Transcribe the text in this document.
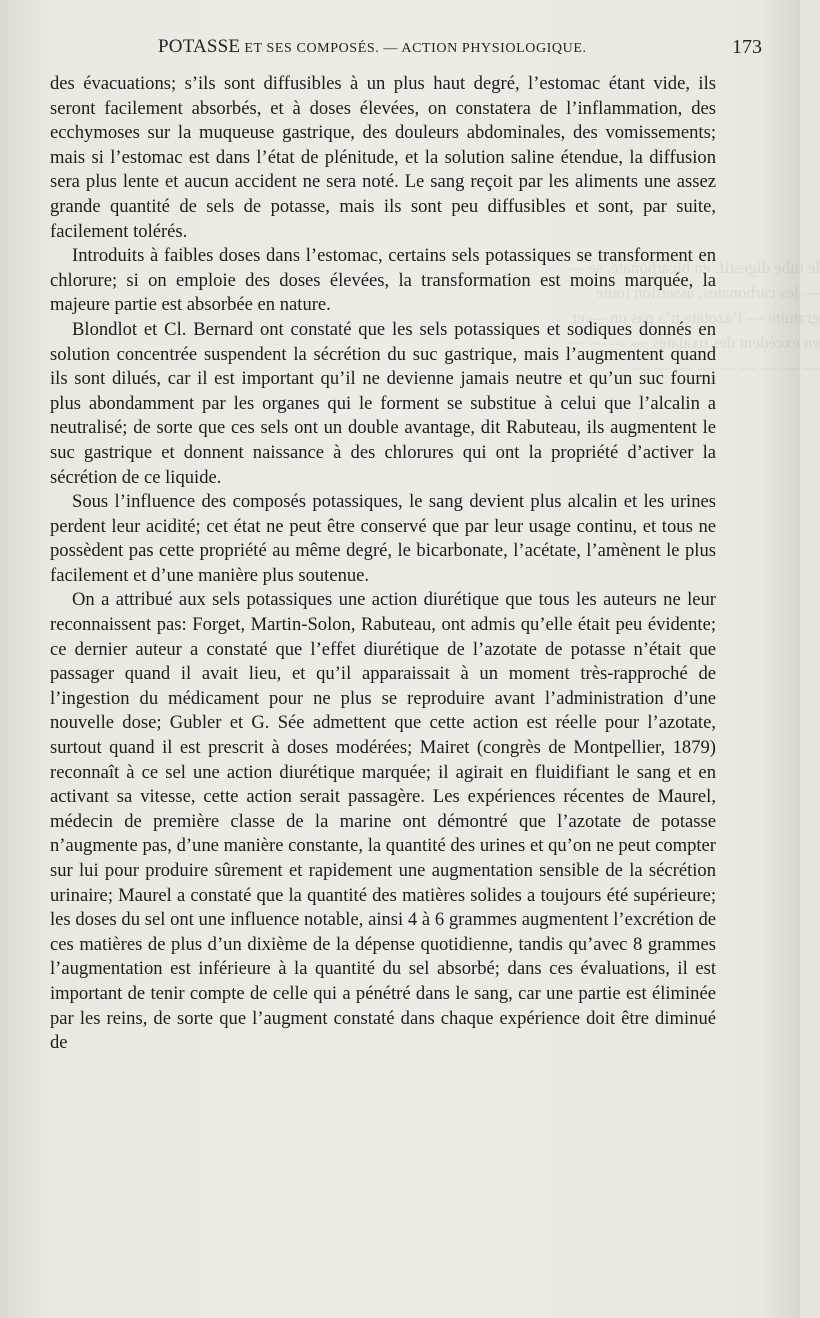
le tube digestif, en bicarbonate, se — — les carbonates, assertion toute gratuite — l’azotate n’a pas un — et en excédent des oxalates — — — — — — — — — — — — —
POTASSE ET SES COMPOSÉS. — ACTION PHYSIOLOGIQUE.	173

des évacuations; s’ils sont diffusibles à un plus haut degré, l’estomac étant vide, ils seront facilement absorbés, et à doses élevées, on constatera de l’inflammation, des ecchymoses sur la muqueuse gastrique, des douleurs abdominales, des vomissements; mais si l’estomac est dans l’état de plénitude, et la solution saline étendue, la diffusion sera plus lente et aucun accident ne sera noté. Le sang reçoit par les aliments une assez grande quantité de sels de potasse, mais ils sont peu diffusibles et sont, par suite, facilement tolérés.

Introduits à faibles doses dans l’estomac, certains sels potassiques se transforment en chlorure; si on emploie des doses élevées, la transformation est moins marquée, la majeure partie est absorbée en nature.

Blondlot et Cl. Bernard ont constaté que les sels potassiques et sodiques donnés en solution concentrée suspendent la sécrétion du suc gastrique, mais l’augmentent quand ils sont dilués, car il est important qu’il ne devienne jamais neutre et qu’un suc fourni plus abondamment par les organes qui le forment se substitue à celui que l’alcalin a neutralisé; de sorte que ces sels ont un double avantage, dit Rabuteau, ils augmentent le suc gastrique et donnent naissance à des chlorures qui ont la propriété d’activer la sécrétion de ce liquide.

Sous l’influence des composés potassiques, le sang devient plus alcalin et les urines perdent leur acidité; cet état ne peut être conservé que par leur usage continu, et tous ne possèdent pas cette propriété au même degré, le bicarbonate, l’acétate, l’amènent le plus facilement et d’une manière plus soutenue.

On a attribué aux sels potassiques une action diurétique que tous les auteurs ne leur reconnaissent pas: Forget, Martin-Solon, Rabuteau, ont admis qu’elle était peu évidente; ce dernier auteur a constaté que l’effet diurétique de l’azotate de potasse n’était que passager quand il avait lieu, et qu’il apparaissait à un moment très-rapproché de l’ingestion du médicament pour ne plus se reproduire avant l’administration d’une nouvelle dose; Gubler et G. Sée admettent que cette action est réelle pour l’azotate, surtout quand il est prescrit à doses modérées; Mairet (congrès de Montpellier, 1879) reconnaît à ce sel une action diurétique marquée; il agirait en fluidifiant le sang et en activant sa vitesse, cette action serait passagère. Les expériences récentes de Maurel, médecin de première classe de la marine ont démontré que l’azotate de potasse n’augmente pas, d’une manière constante, la quantité des urines et qu’on ne peut compter sur lui pour produire sûrement et rapidement une augmentation sensible de la sécrétion urinaire; Maurel a constaté que la quantité des matières solides a toujours été supérieure; les doses du sel ont une influence notable, ainsi 4 à 6 grammes augmentent l’excrétion de ces matières de plus d’un dixième de la dépense quotidienne, tandis qu’avec 8 grammes l’augmentation est inférieure à la quantité du sel absorbé; dans ces évaluations, il est important de tenir compte de celle qui a pénétré dans le sang, car une partie est éliminée par les reins, de sorte que l’augment constaté dans chaque expérience doit être diminué de
